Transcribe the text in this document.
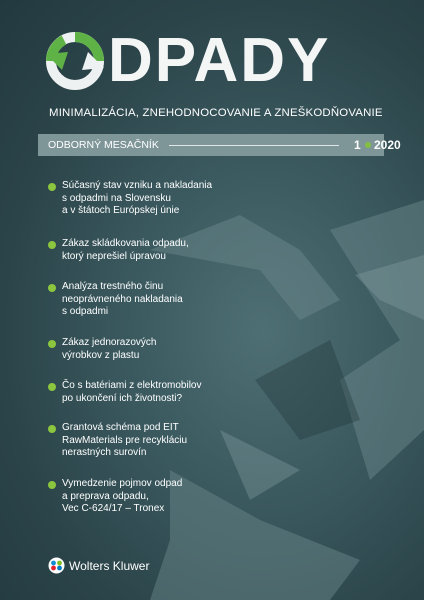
DPADY
MINIMALIZÁCIA, ZNEHODNOCOVANIE A ZNEŠKODŇOVANIE
ODBORNÝ MESAČNÍK	1 2020
Súčasný stav vzniku a nakladania
s odpadmi na Slovensku
a v štátoch Európskej únie
Zákaz skládkovania odpadu,
ktorý neprešiel úpravou
Analýza trestného činu
neoprávneného nakladania
s odpadmi
Zákaz jednorazových
výrobkov z plastu
Čo s batériami z elektromobilov
po ukončení ich životnosti?
Grantová schéma pod EIT
RawMaterials pre recykláciu
nerastných surovín
Vymedzenie pojmov odpad
a preprava odpadu,
Vec C-624/17 – Tronex
Wolters Kluwer
